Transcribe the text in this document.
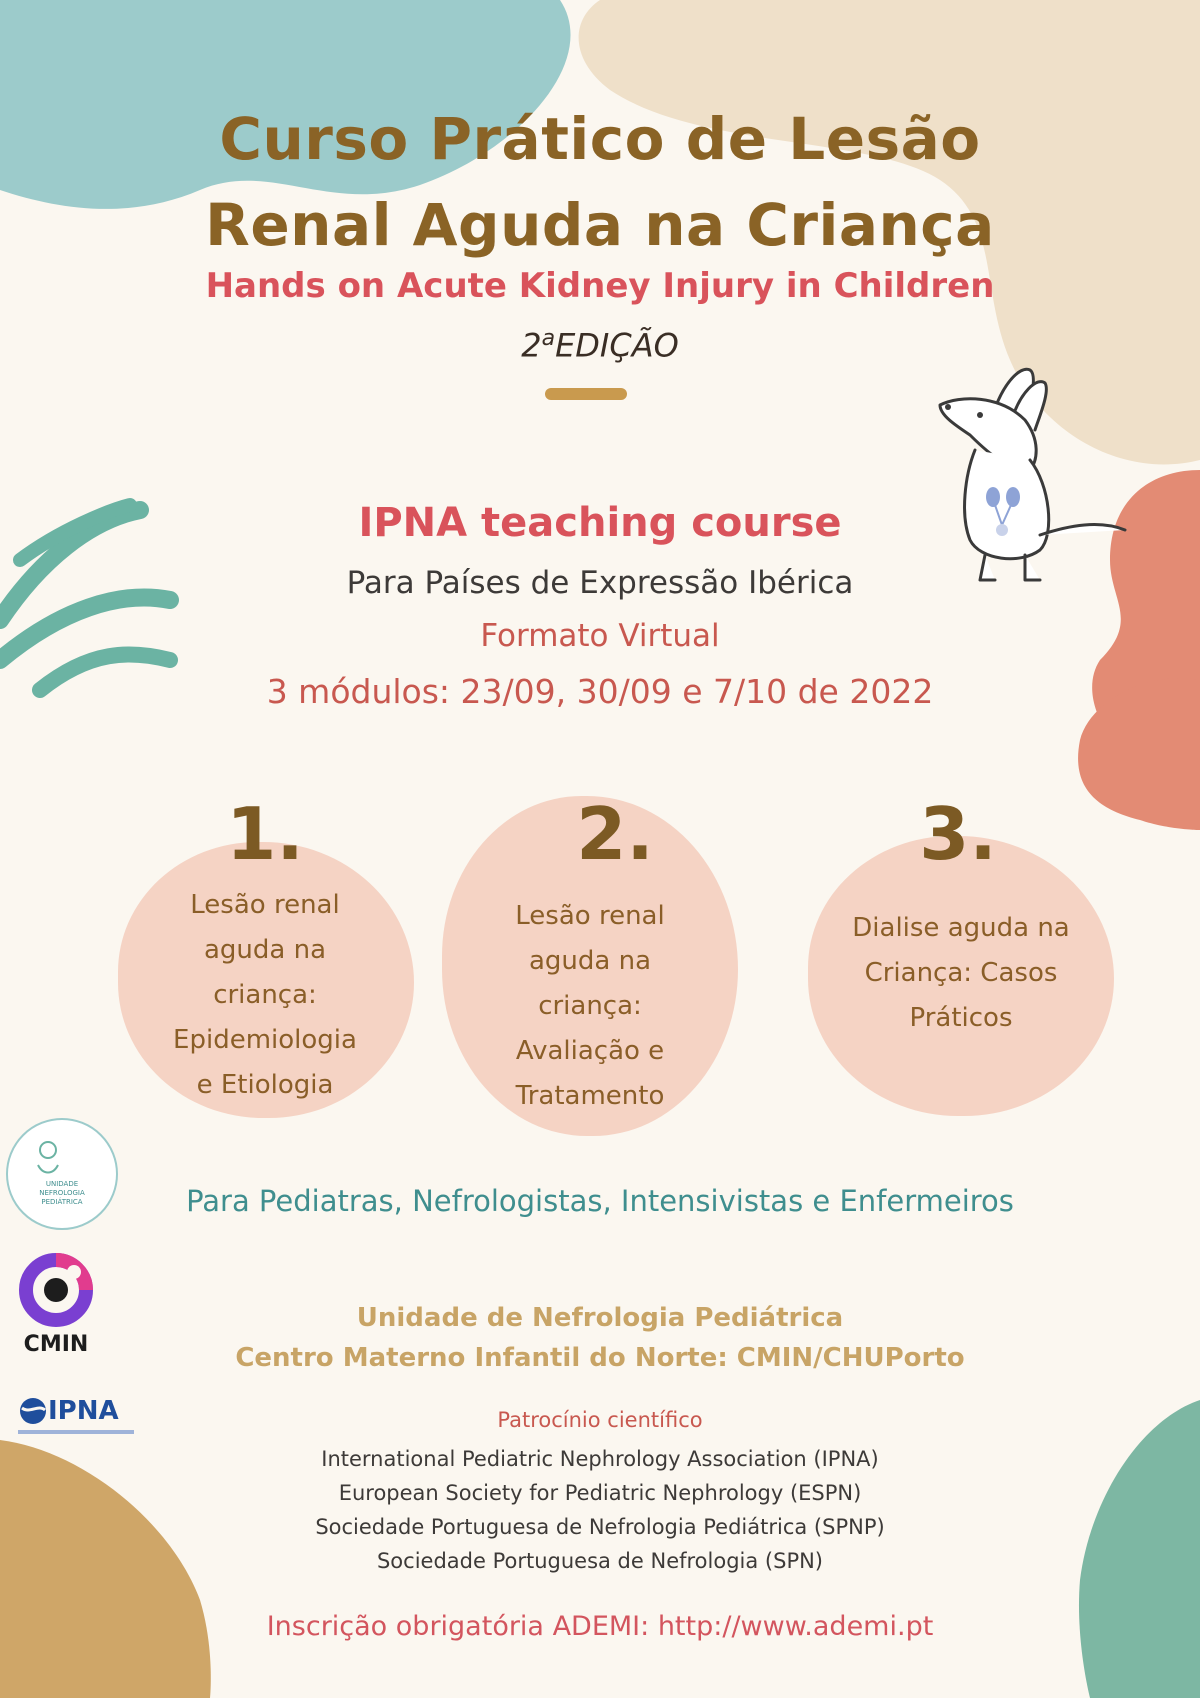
Curso Prático de Lesão
Renal Aguda na Criança
Hands on Acute Kidney Injury in Children
2$^a$EDIÇÃO
IPNA teaching course
Para Países de Expressão Ibérica
Formato Virtual
3 módulos: 23/09, 30/09 e 7/10 de 2022
1.
Lesão renal
aguda na
criança:
Epidemiologia
e Etiologia
2.
Lesão renal
aguda na
criança:
Avaliação e
Tratamento
3.
Dialise aguda na
Criança: Casos
Práticos
UNIDADE NEFROLOGIA PEDIÁTRICA
CMIN
IPNA
Para Pediatras, Nefrologistas, Intensivistas e Enfermeiros
Unidade de Nefrologia Pediátrica
Centro Materno Infantil do Norte: CMIN/CHUPorto
Patrocínio científico
International Pediatric Nephrology Association (IPNA)
European Society for Pediatric Nephrology (ESPN)
Sociedade Portuguesa de Nefrologia Pediátrica (SPNP)
Sociedade Portuguesa de Nefrologia (SPN)
Inscrição obrigatória ADEMI: http://www.ademi.pt
